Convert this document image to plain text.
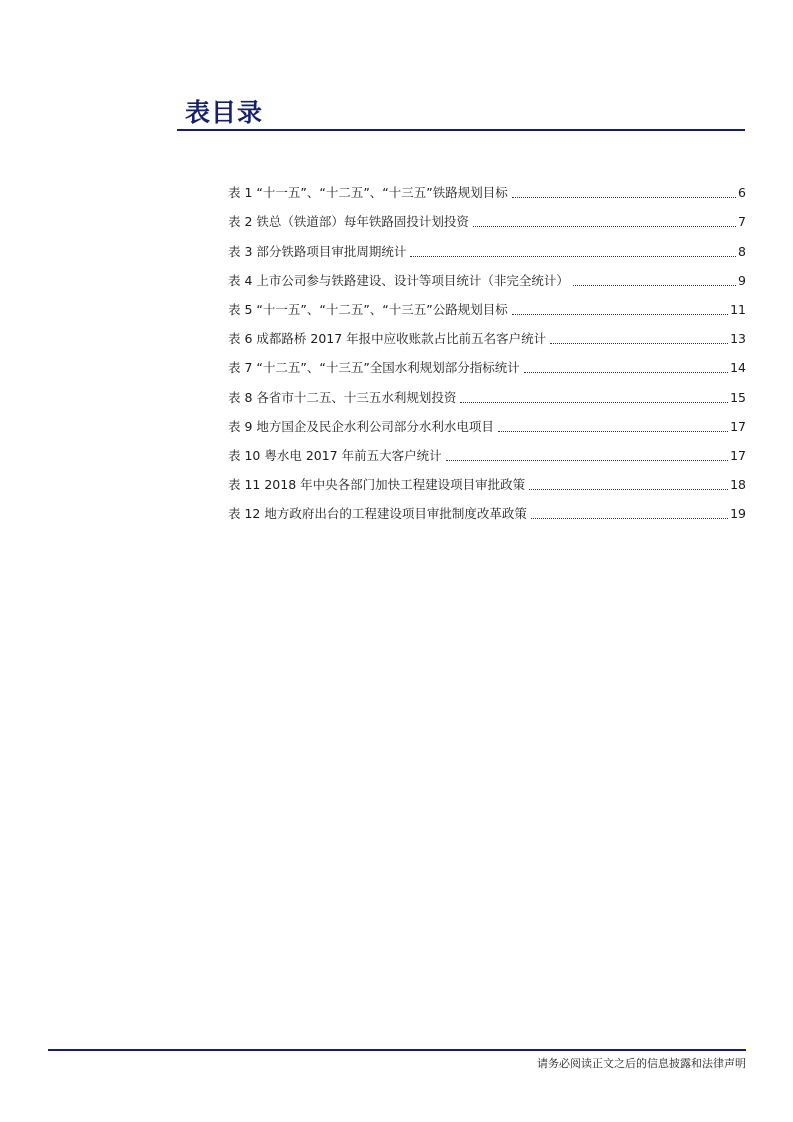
表目录
表 1 “十一五”、“十二五”、“十三五”铁路规划目标	6
表 2 铁总（铁道部）每年铁路固投计划投资	7
表 3 部分铁路项目审批周期统计	8
表 4 上市公司参与铁路建设、设计等项目统计（非完全统计）	9
表 5 “十一五”、“十二五”、“十三五”公路规划目标	11
表 6 成都路桥 2017 年报中应收账款占比前五名客户统计	13
表 7 “十二五”、“十三五”全国水利规划部分指标统计	14
表 8 各省市十二五、十三五水利规划投资	15
表 9 地方国企及民企水利公司部分水利水电项目	17
表 10 粤水电 2017 年前五大客户统计	17
表 11 2018 年中央各部门加快工程建设项目审批政策	18
表 12 地方政府出台的工程建设项目审批制度改革政策	19
请务必阅读正文之后的信息披露和法律声明
